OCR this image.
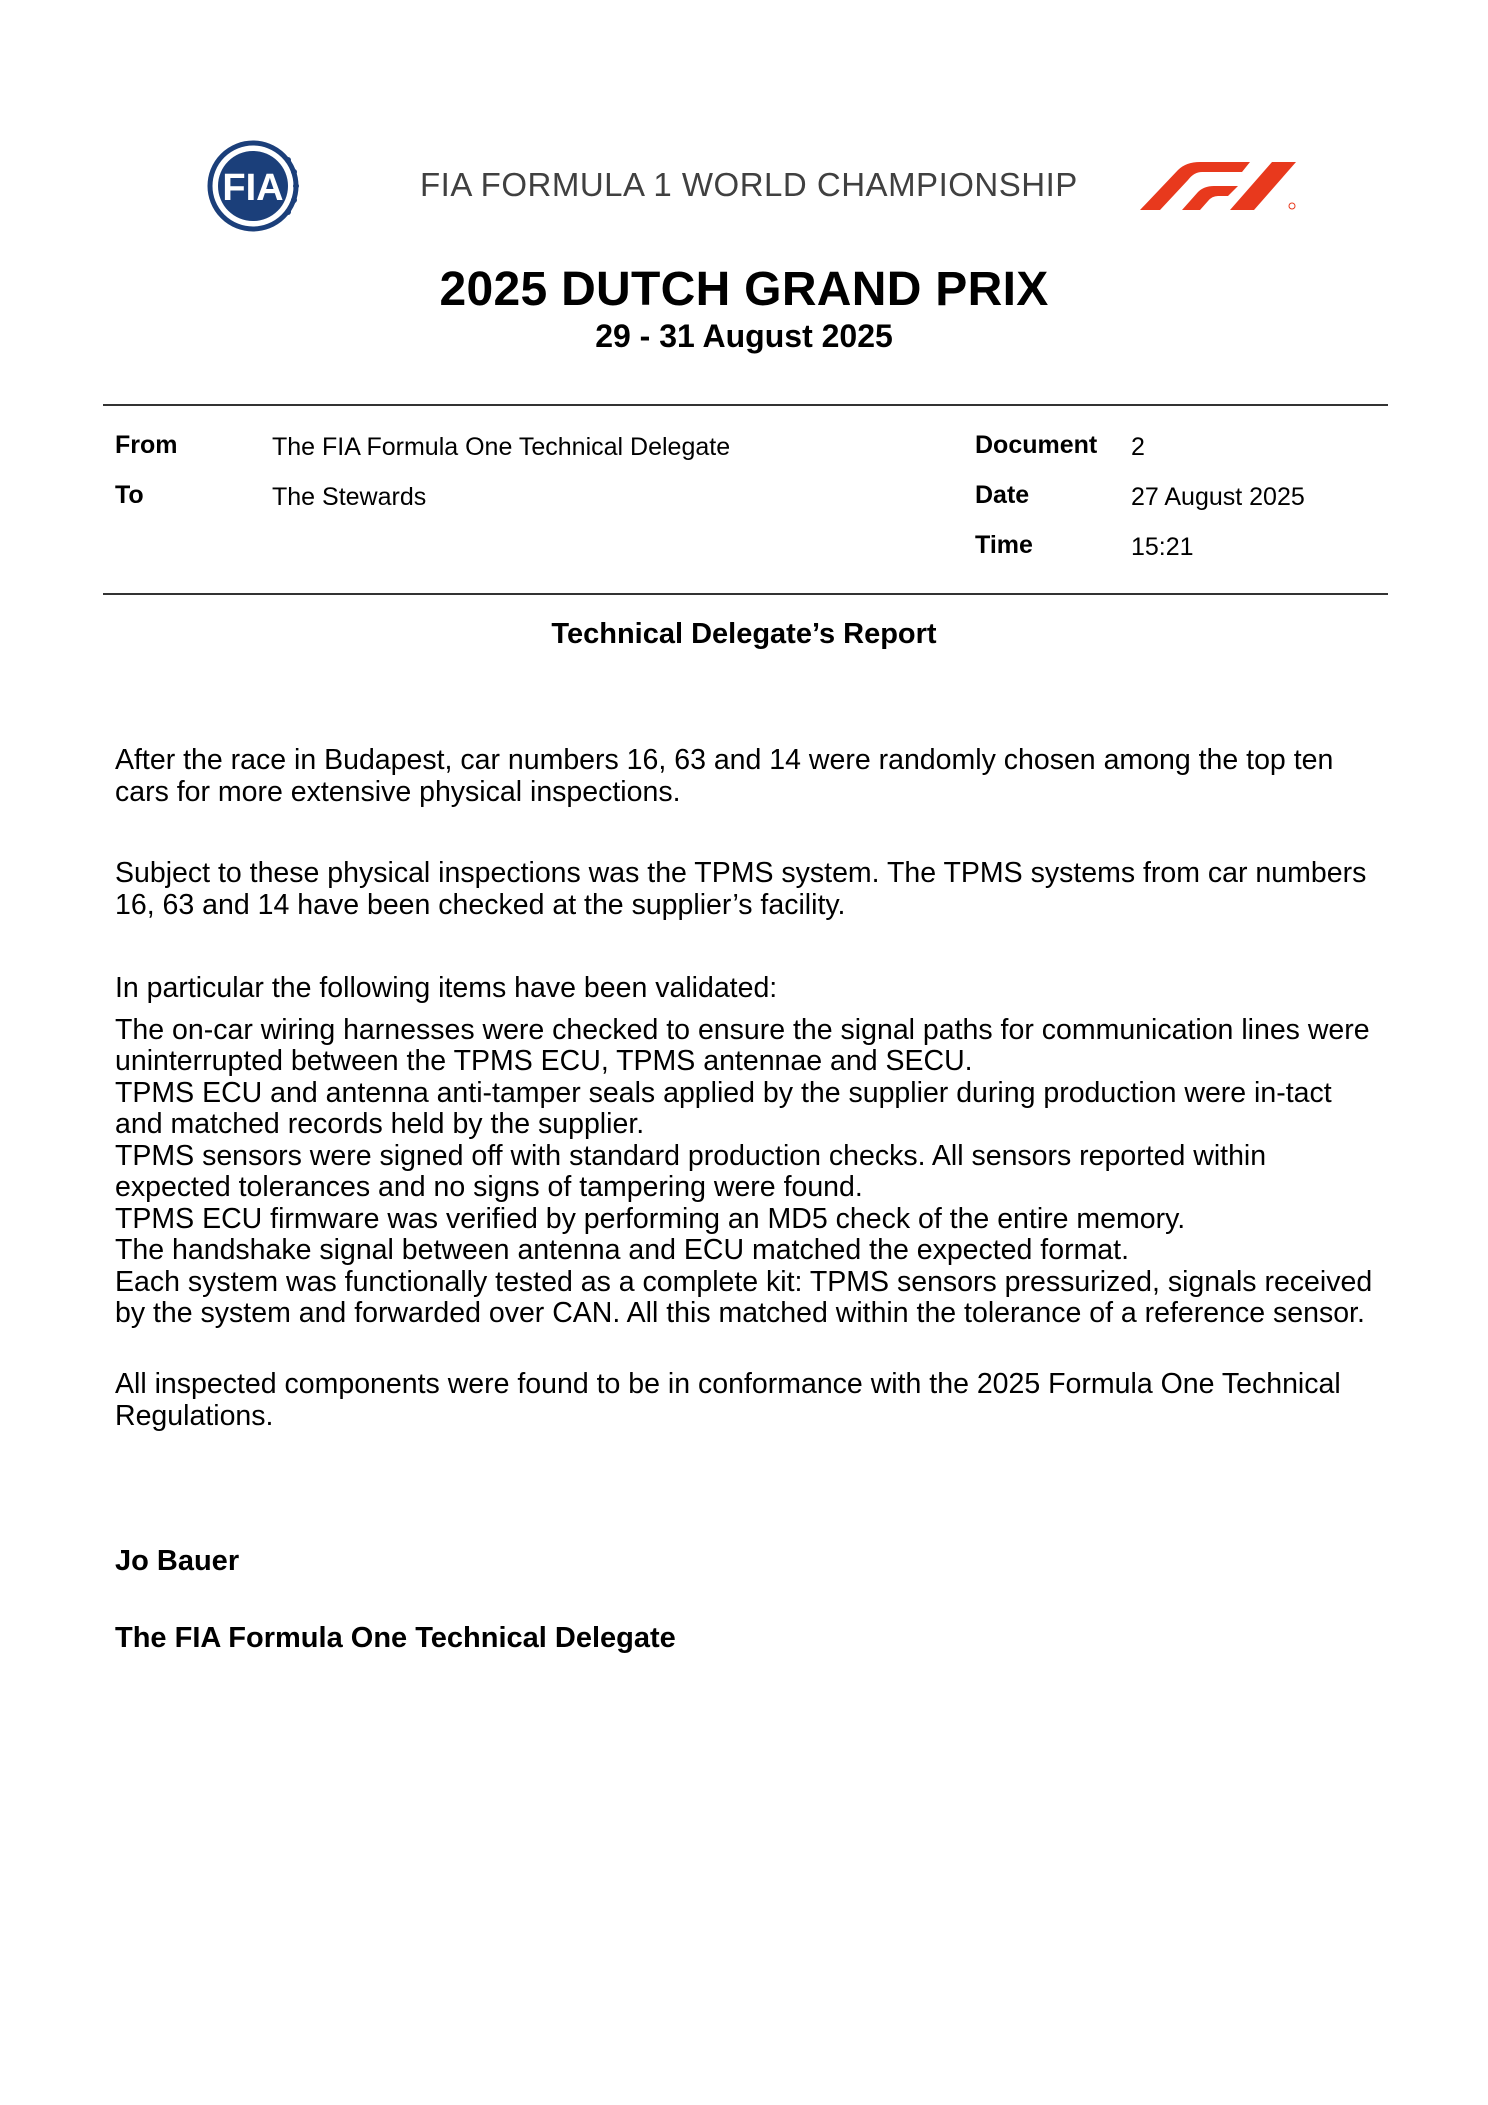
FIA	FIA FORMULA 1 WORLD CHAMPIONSHIP
2025 DUTCH GRAND PRIX
29 - 31 August 2025
From	The FIA Formula One Technical Delegate
To	The Stewards
Document 2
Date	27 August 2025
Time	15:21
Technical Delegate’s Report

After the race in Budapest, car numbers 16, 63 and 14 were randomly chosen among the top ten cars for more extensive physical inspections.

Subject to these physical inspections was the TPMS system. The TPMS systems from car numbers 16, 63 and 14 have been checked at the supplier’s facility.

In particular the following items have been validated:

The on-car wiring harnesses were checked to ensure the signal paths for communication lines were uninterrupted between the TPMS ECU, TPMS antennae and SECU.

TPMS ECU and antenna anti-tamper seals applied by the supplier during production were in-tact and matched records held by the supplier.

TPMS sensors were signed off with standard production checks. All sensors reported within expected tolerances and no signs of tampering were found.

TPMS ECU firmware was verified by performing an MD5 check of the entire memory.

The handshake signal between antenna and ECU matched the expected format.

Each system was functionally tested as a complete kit: TPMS sensors pressurized, signals received by the system and forwarded over CAN. All this matched within the tolerance of a reference sensor.

All inspected components were found to be in conformance with the 2025 Formula One Technical Regulations.

Jo Bauer
The FIA Formula One Technical Delegate
